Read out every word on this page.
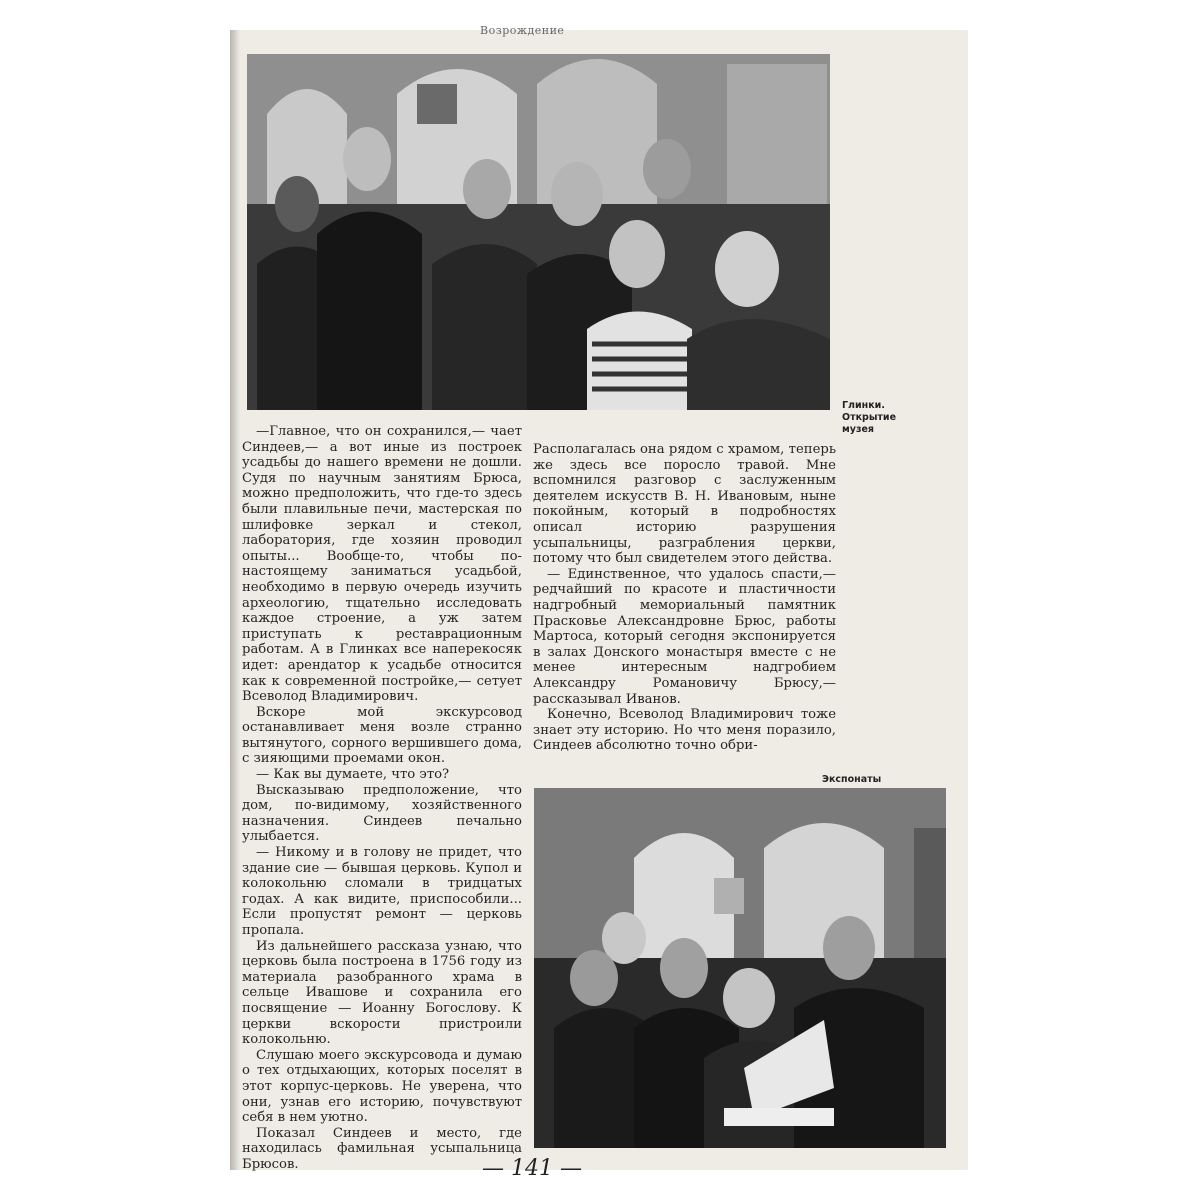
Возрождение
Глинки.
Открытие
музея

—Главное, что он сохранился,— чает Синдеев,— а вот иные из построек усадьбы до нашего времени не дошли. Судя по научным занятиям Брюса, можно предположить, что где-то здесь были плавильные печи, мастерская по шлифовке зеркал и стекол, лаборатория, где хозяин проводил опыты... Вообще-то, чтобы по-настоящему заниматься усадьбой, необходимо в первую очередь изучить археологию, тщательно исследовать каждое строение, а уж затем приступать к реставрационным работам. А в Глинках все наперекосяк идет: арендатор к усадьбе относится как к современной постройке,— сетует Всеволод Владимирович.

Вскоре мой экскурсовод останавливает меня возле странно вытянутого, сорного вершившего дома, с зияющими проемами окон.

— Как вы думаете, что это?

Высказываю предположение, что дом, по-видимому, хозяйственного назначения. Синдеев печально улыбается.

— Никому и в голову не придет, что здание сие — бывшая церковь. Купол и колокольню сломали в тридцатых годах. А как видите, приспособили... Если пропустят ремонт — церковь пропала.

Из дальнейшего рассказа узнаю, что церковь была построена в 1756 году из материала разобранного храма в сельце Ивашове и сохранила его посвящение — Иоанну Богослову. К церкви вскорости пристроили колокольню.

Слушаю моего экскурсовода и думаю о тех отдыхающих, которых поселят в этот корпус-церковь. Не уверена, что они, узнав его историю, почувствуют себя в нем уютно.

Показал Синдеев и место, где находилась фамильная усыпальница Брюсов.

Располагалась она рядом с храмом, теперь же здесь все поросло травой. Мне вспомнился разговор с заслуженным деятелем искусств В. Н. Ивановым, ныне покойным, который в подробностях описал историю разрушения усыпальницы, разграбления церкви, потому что был свидетелем этого действа.

— Единственное, что удалось спасти,— редчайший по красоте и пластичности надгробный мемориальный памятник Прасковье Александровне Брюс, работы Мартоса, который сегодня экспонируется в залах Донского монастыря вместе с не менее интересным надгробием Александру Романовичу Брюсу,— рассказывал Иванов.

Конечно, Всеволод Владимирович тоже знает эту историю. Но что меня поразило, Синдеев абсолютно точно обри-

Экспонаты
— 141 —
